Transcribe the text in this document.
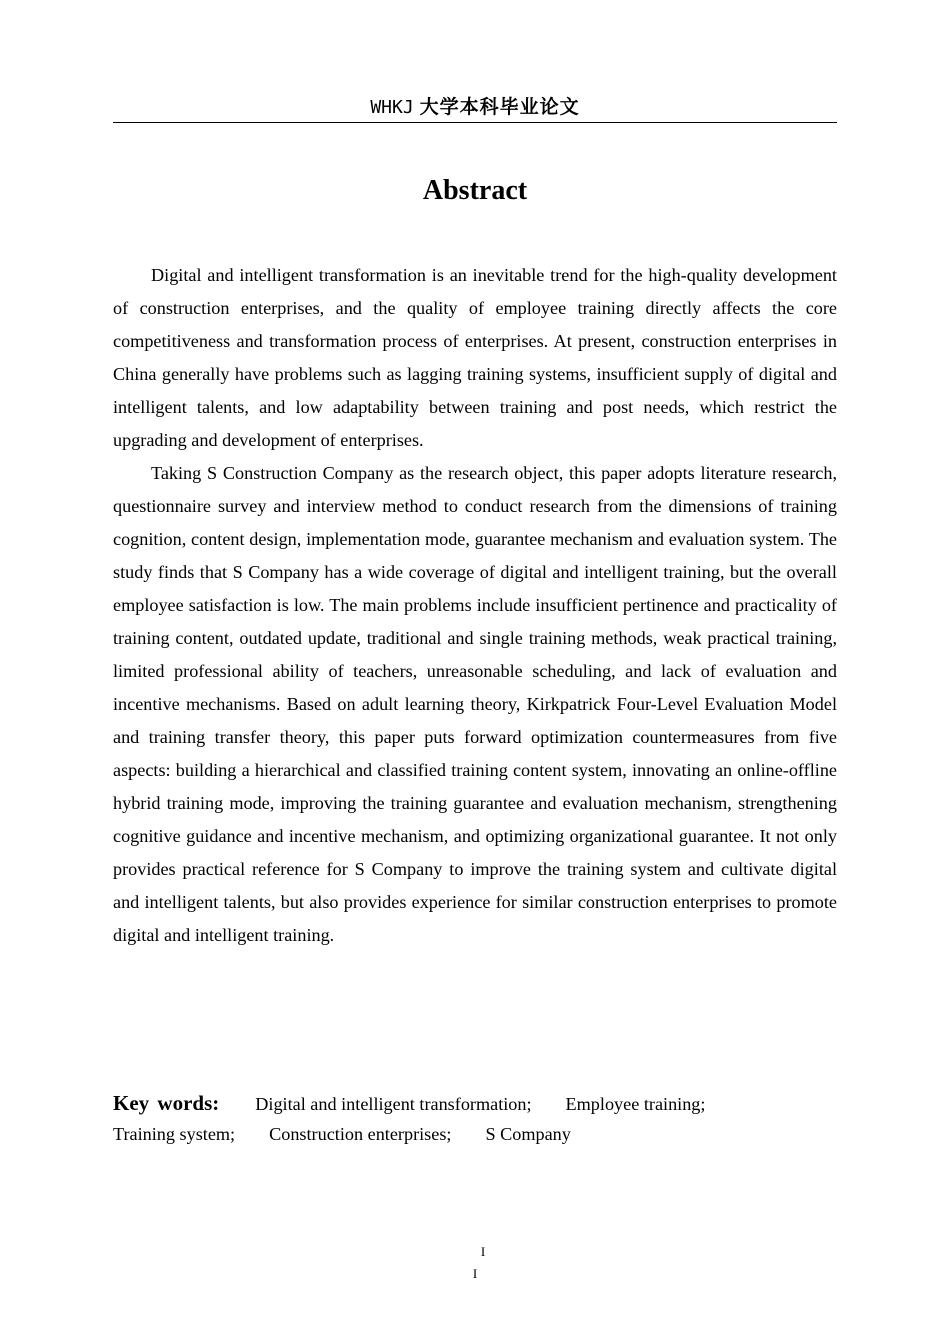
WHKJ 大学本科毕业论文
Abstract

Digital and intelligent transformation is an inevitable trend for the high-quality development of construction enterprises, and the quality of employee training directly affects the core competitiveness and transformation process of enterprises. At present, construction enterprises in China generally have problems such as lagging training systems, insufficient supply of digital and intelligent talents, and low adaptability between training and post needs, which restrict the upgrading and development of enterprises.

Taking S Construction Company as the research object, this paper adopts literature research, questionnaire survey and interview method to conduct research from the dimensions of training cognition, content design, implementation mode, guarantee mechanism and evaluation system. The study finds that S Company has a wide coverage of digital and intelligent training, but the overall employee satisfaction is low. The main problems include insufficient pertinence and practicality of training content, outdated update, traditional and single training methods, weak practical training, limited professional ability of teachers, unreasonable scheduling, and lack of evaluation and incentive mechanisms. Based on adult learning theory, Kirkpatrick Four-Level Evaluation Model and training transfer theory, this paper puts forward optimization countermeasures from five aspects: building a hierarchical and classified training content system, innovating an online-offline hybrid training mode, improving the training guarantee and evaluation mechanism, strengthening cognitive guidance and incentive mechanism, and optimizing organizational guarantee. It not only provides practical reference for S Company to improve the training system and cultivate digital and intelligent talents, but also provides experience for similar construction enterprises to promote digital and intelligent training.

Key words: Digital and intelligent transformation; Employee training;
Training system; Construction enterprises; S Company
I
I
